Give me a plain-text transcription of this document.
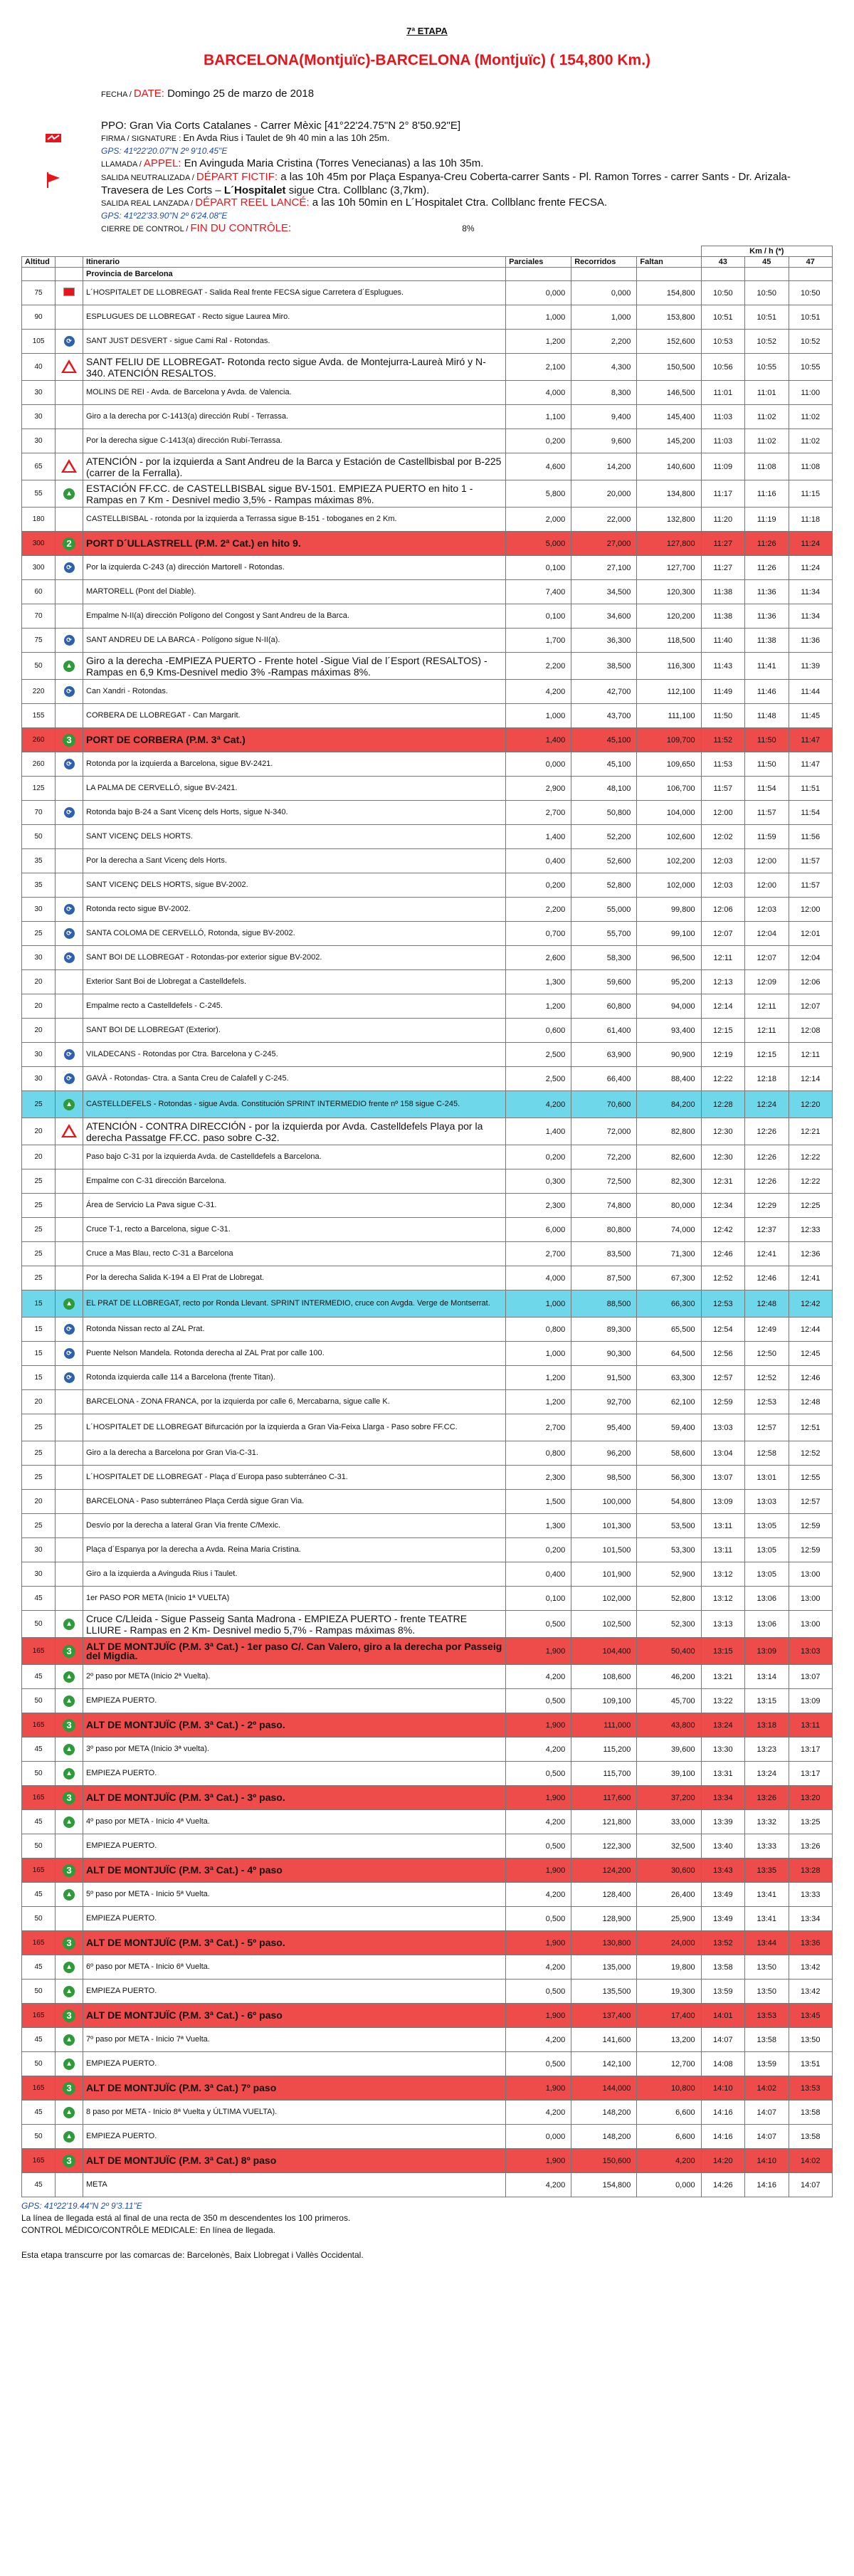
7ª ETAPA
BARCELONA(Montjuïc)-BARCELONA (Montjuïc) ( 154,800 Km.)
FECHA / DATE: Domingo 25 de marzo de 2018
PPO: Gran Via Corts Catalanes - Carrer Mèxic [41°22'24.75"N 2° 8'50.92"E]
FIRMA / SIGNATURE : En Avda Rius i Taulet de 9h 40 min a las 10h 25m.
GPS: 41º22'20.07"N 2º 9'10.45"E
LLAMADA / APPEL: En Avinguda Maria Cristina (Torres Venecianas) a las 10h 35m.
SALIDA NEUTRALIZADA / DÉPART FICTIF: a las 10h 45m por Plaça Espanya-Creu Coberta-carrer Sants - Pl. Ramon Torres - carrer Sants - Dr. Arizala-Travesera de Les Corts – L´Hospitalet sigue Ctra. Collblanc (3,7km).
SALIDA REAL LANZADA / DÉPART REEL LANCÉ: a las 10h 50min en L´Hospitalet Ctra. Collblanc frente FECSA.
GPS: 41º22'33.90"N 2º 6'24.08"E
CIERRE DE CONTROL / FIN DU CONTRÔLE:	8%
						Km / h (*)		
Altitud		Itinerario	Parciales	Recorridos	Faltan	43	45	47
		Provincia de Barcelona						
75		L´HOSPITALET DE LLOBREGAT - Salida Real frente FECSA sigue Carretera d´Esplugues.	0,000	0,000	154,800	10:50	10:50	10:50
90		ESPLUGUES DE LLOBREGAT - Recto sigue Laurea Miro.	1,000	1,000	153,800	10:51	10:51	10:51
105	⟳	SANT JUST DESVERT - sigue Cami Ral - Rotondas.	1,200	2,200	152,600	10:53	10:52	10:52
40		SANT FELIU DE LLOBREGAT- Rotonda recto sigue Avda. de Montejurra-Laureà Miró y N-340. ATENCIÓN RESALTOS.	2,100	4,300	150,500	10:56	10:55	10:55
30		MOLINS DE REI - Avda. de Barcelona y Avda. de Valencia.	4,000	8,300	146,500	11:01	11:01	11:00
30		Giro a la derecha por C-1413(a) dirección Rubí - Terrassa.	1,100	9,400	145,400	11:03	11:02	11:02
30		Por la derecha sigue C-1413(a) dirección Rubí-Terrassa.	0,200	9,600	145,200	11:03	11:02	11:02
65		ATENCIÓN - por la izquierda a Sant Andreu de la Barca y Estación de Castellbisbal por B-225 (carrer de la Ferralla).	4,600	14,200	140,600	11:09	11:08	11:08
55	▲	ESTACIÓN FF.CC. de CASTELLBISBAL sigue BV-1501. EMPIEZA PUERTO en hito 1 - Rampas en 7 Km - Desnivel medio 3,5% - Rampas máximas 8%.	5,800	20,000	134,800	11:17	11:16	11:15
180		CASTELLBISBAL - rotonda por la izquierda a Terrassa sigue B-151 - toboganes en 2 Km.	2,000	22,000	132,800	11:20	11:19	11:18
300	2	PORT D´ULLASTRELL (P.M. 2ª Cat.) en hito 9.	5,000	27,000	127,800	11:27	11:26	11:24
300	⟳	Por la izquierda C-243 (a) dirección Martorell - Rotondas.	0,100	27,100	127,700	11:27	11:26	11:24
60		MARTORELL (Pont del Diable).	7,400	34,500	120,300	11:38	11:36	11:34
70		Empalme N-II(a) dirección Polígono del Congost y Sant Andreu de la Barca.	0,100	34,600	120,200	11:38	11:36	11:34
75	⟳	SANT ANDREU DE LA BARCA - Polígono sigue N-II(a).	1,700	36,300	118,500	11:40	11:38	11:36
50	▲	Giro a la derecha -EMPIEZA PUERTO - Frente hotel -Sigue Vial de l´Esport (RESALTOS) - Rampas en 6,9 Kms-Desnivel medio 3% -Rampas máximas 8%.	2,200	38,500	116,300	11:43	11:41	11:39
220	⟳	Can Xandri - Rotondas.	4,200	42,700	112,100	11:49	11:46	11:44
155		CORBERA DE LLOBREGAT - Can Margarit.	1,000	43,700	111,100	11:50	11:48	11:45
260	3	PORT DE CORBERA (P.M. 3ª Cat.)	1,400	45,100	109,700	11:52	11:50	11:47
260	⟳	Rotonda por la izquierda a Barcelona, sigue BV-2421.	0,000	45,100	109,650	11:53	11:50	11:47
125		LA PALMA DE CERVELLÓ, sigue BV-2421.	2,900	48,100	106,700	11:57	11:54	11:51
70	⟳	Rotonda bajo B-24 a Sant Vicenç dels Horts, sigue N-340.	2,700	50,800	104,000	12:00	11:57	11:54
50		SANT VICENÇ DELS HORTS.	1,400	52,200	102,600	12:02	11:59	11:56
35		Por la derecha a Sant Vicenç dels Horts.	0,400	52,600	102,200	12:03	12:00	11:57
35		SANT VICENÇ DELS HORTS, sigue BV-2002.	0,200	52,800	102,000	12:03	12:00	11:57
30	⟳	Rotonda recto sigue BV-2002.	2,200	55,000	99,800	12:06	12:03	12:00
25	⟳	SANTA COLOMA DE CERVELLÓ, Rotonda, sigue BV-2002.	0,700	55,700	99,100	12:07	12:04	12:01
30	⟳	SANT BOI DE LLOBREGAT - Rotondas-por exterior sigue BV-2002.	2,600	58,300	96,500	12:11	12:07	12:04
20		Exterior Sant Boi de Llobregat a Castelldefels.	1,300	59,600	95,200	12:13	12:09	12:06
20		Empalme recto a Castelldefels - C-245.	1,200	60,800	94,000	12:14	12:11	12:07
20		SANT BOI DE LLOBREGAT (Exterior).	0,600	61,400	93,400	12:15	12:11	12:08
30	⟳	VILADECANS - Rotondas por Ctra. Barcelona y C-245.	2,500	63,900	90,900	12:19	12:15	12:11
30	⟳	GAVÀ - Rotondas- Ctra. a Santa Creu de Calafell y C-245.	2,500	66,400	88,400	12:22	12:18	12:14
25	▲	CASTELLDEFELS - Rotondas - sigue Avda. Constitución SPRINT INTERMEDIO frente nº 158 sigue C-245.	4,200	70,600	84,200	12:28	12:24	12:20
20		ATENCIÓN - CONTRA DIRECCIÓN - por la izquierda por Avda. Castelldefels Playa por la derecha Passatge FF.CC. paso sobre C-32.	1,400	72,000	82,800	12:30	12:26	12:21
20		Paso bajo C-31 por la izquierda Avda. de Castelldefels a Barcelona.	0,200	72,200	82,600	12:30	12:26	12:22
25		Empalme con C-31 dirección Barcelona.	0,300	72,500	82,300	12:31	12:26	12:22
25		Área de Servicio La Pava sigue C-31.	2,300	74,800	80,000	12:34	12:29	12:25
25		Cruce T-1, recto a Barcelona, sigue C-31.	6,000	80,800	74,000	12:42	12:37	12:33
25		Cruce a Mas Blau, recto C-31 a Barcelona	2,700	83,500	71,300	12:46	12:41	12:36
25		Por la derecha Salida K-194 a El Prat de Llobregat.	4,000	87,500	67,300	12:52	12:46	12:41
15	▲	EL PRAT DE LLOBREGAT, recto por Ronda Llevant. SPRINT INTERMEDIO, cruce con Avgda. Verge de Montserrat.	1,000	88,500	66,300	12:53	12:48	12:42
15	⟳	Rotonda Nissan recto al ZAL Prat.	0,800	89,300	65,500	12:54	12:49	12:44
15	⟳	Puente Nelson Mandela. Rotonda derecha al ZAL Prat por calle 100.	1,000	90,300	64,500	12:56	12:50	12:45
15	⟳	Rotonda izquierda calle 114 a Barcelona (frente Titan).	1,200	91,500	63,300	12:57	12:52	12:46
20		BARCELONA - ZONA FRANCA, por la izquierda por calle 6, Mercabarna, sigue calle K.	1,200	92,700	62,100	12:59	12:53	12:48
25		L´HOSPITALET DE LLOBREGAT Bifurcación por la izquierda a Gran Via-Feixa Llarga - Paso sobre FF.CC.	2,700	95,400	59,400	13:03	12:57	12:51
25		Giro a la derecha a Barcelona por Gran Via-C-31.	0,800	96,200	58,600	13:04	12:58	12:52
25		L´HOSPITALET DE LLOBREGAT - Plaça d´Europa paso subterráneo C-31.	2,300	98,500	56,300	13:07	13:01	12:55
20		BARCELONA - Paso subterráneo Plaça Cerdà sigue Gran Via.	1,500	100,000	54,800	13:09	13:03	12:57
25		Desvío por la derecha a lateral Gran Via frente C/Mexic.	1,300	101,300	53,500	13:11	13:05	12:59
30		Plaça d´Espanya por la derecha a Avda. Reina Maria Cristina.	0,200	101,500	53,300	13:11	13:05	12:59
30		Giro a la izquierda a Avinguda Rius i Taulet.	0,400	101,900	52,900	13:12	13:05	13:00
45		1er PASO POR META (Inicio 1ª VUELTA)	0,100	102,000	52,800	13:12	13:06	13:00
50	▲	Cruce C/Lleida - Sigue Passeig Santa Madrona - EMPIEZA PUERTO - frente TEATRE LLIURE - Rampas en 2 Km- Desnivel medio 5,7% - Rampas máximas 8%.	0,500	102,500	52,300	13:13	13:06	13:00
165	3	ALT DE MONTJUÏC (P.M. 3ª Cat.) - 1er paso C/. Can Valero, giro a la derecha por Passeig del Migdia.	1,900	104,400	50,400	13:15	13:09	13:03
45	▲	2º paso por META (Inicio 2ª Vuelta).	4,200	108,600	46,200	13:21	13:14	13:07
50	▲	EMPIEZA PUERTO.	0,500	109,100	45,700	13:22	13:15	13:09
165	3	ALT DE MONTJUÏC (P.M. 3ª Cat.) - 2º paso.	1,900	111,000	43,800	13:24	13:18	13:11
45	▲	3º paso por META (Inicio 3ª vuelta).	4,200	115,200	39,600	13:30	13:23	13:17
50	▲	EMPIEZA PUERTO.	0,500	115,700	39,100	13:31	13:24	13:17
165	3	ALT DE MONTJUÏC (P.M. 3ª Cat.) - 3º paso.	1,900	117,600	37,200	13:34	13:26	13:20
45	▲	4º paso por META - Inicio 4ª Vuelta.	4,200	121,800	33,000	13:39	13:32	13:25
50		EMPIEZA PUERTO.	0,500	122,300	32,500	13:40	13:33	13:26
165	3	ALT DE MONTJUÏC (P.M. 3ª Cat.) - 4º paso	1,900	124,200	30,600	13:43	13:35	13:28
45	▲	5º paso por META - Inicio 5ª Vuelta.	4,200	128,400	26,400	13:49	13:41	13:33
50		EMPIEZA PUERTO.	0,500	128,900	25,900	13:49	13:41	13:34
165	3	ALT DE MONTJUÏC (P.M. 3ª Cat.) - 5º paso.	1,900	130,800	24,000	13:52	13:44	13:36
45	▲	6º paso por META - Inicio 6ª Vuelta.	4,200	135,000	19,800	13:58	13:50	13:42
50	▲	EMPIEZA PUERTO.	0,500	135,500	19,300	13:59	13:50	13:42
165	3	ALT DE MONTJUÏC (P.M. 3ª Cat.) - 6º paso	1,900	137,400	17,400	14:01	13:53	13:45
45	▲	7º paso por META - Inicio 7ª Vuelta.	4,200	141,600	13,200	14:07	13:58	13:50
50	▲	EMPIEZA PUERTO.	0,500	142,100	12,700	14:08	13:59	13:51
165	3	ALT DE MONTJUÏC (P.M. 3ª Cat.) 7º paso	1,900	144,000	10,800	14:10	14:02	13:53
45	▲	8 paso por META - Inicio 8ª Vuelta y ÚLTIMA VUELTA).	4,200	148,200	6,600	14:16	14:07	13:58
50	▲	EMPIEZA PUERTO.	0,000	148,200	6,600	14:16	14:07	13:58
165	3	ALT DE MONTJUÏC (P.M. 3ª Cat.) 8º paso	1,900	150,600	4,200	14:20	14:10	14:02
45		META	4,200	154,800	0,000	14:26	14:16	14:07
GPS: 41º22'19.44"N 2º 9'3.11"E
La línea de llegada está al final de una recta de 350 m descendentes los 100 primeros.
CONTROL MÉDICO/CONTRÔLE MEDICALE: En línea de llegada.
Esta etapa transcurre por las comarcas de: Barcelonès, Baix Llobregat i Vallès Occidental.
